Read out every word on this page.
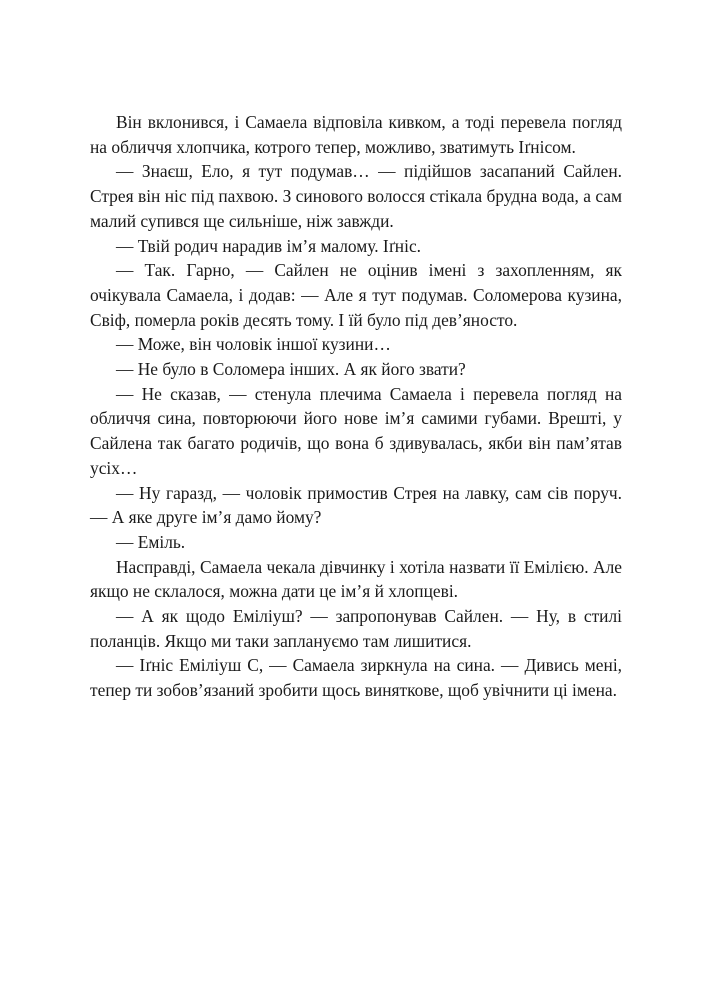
Він вклонився, і Самаела відповіла кивком, а тоді перевела погляд на обличчя хлопчика, котрого тепер, можливо, зватимуть Іґнісом.

— Знаєш, Ело, я тут подумав… — підійшов засапаний Сайлен. Стрея він ніс під пахвою. З синового волосся стікала брудна вода, а сам малий супився ще сильніше, ніж завжди.

— Твій родич нарадив ім’я малому. Іґніс.

— Так. Гарно, — Сайлен не оцінив імені з захопленням, як очікувала Самаела, і додав: — Але я тут подумав. Соломерова кузина, Свіф, померла років десять тому. І їй було під дев’яносто.

— Може, він чоловік іншої кузини…

— Не було в Соломера інших. А як його звати?

— Не сказав, — стенула плечима Самаела і перевела погляд на обличчя сина, повторюючи його нове ім’я самими губами. Врешті, у Сайлена так багато родичів, що вона б здивувалась, якби він пам’ятав усіх…

— Ну гаразд, — чоловік примостив Стрея на лавку, сам сів поруч. — А яке друге ім’я дамо йому?

— Еміль.

Насправді, Самаела чекала дівчинку і хотіла назвати її Емілією. Але якщо не склалося, можна дати це ім’я й хлопцеві.

— А як щодо Еміліуш? — запропонував Сайлен. — Ну, в стилі поланців. Якщо ми таки заплануємо там лишитися.

— Іґніс Еміліуш С, — Самаела зиркнула на сина. — Дивись мені, тепер ти зобов’язаний зробити щось виняткове, щоб увічнити ці імена.
